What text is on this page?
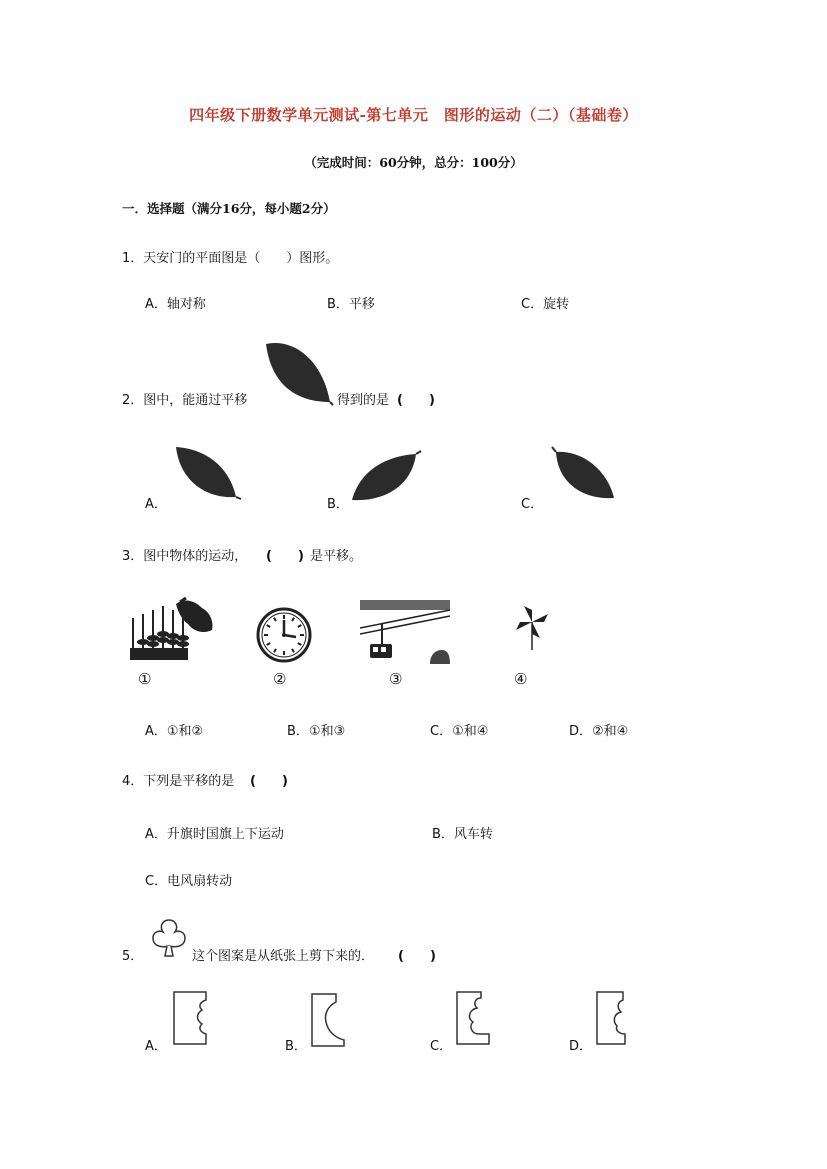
四年级下册数学单元测试-第七单元　图形的运动（二）（基础卷）
（完成时间：60分钟，总分：100分）
一．选择题（满分16分，每小题2分）
1．天安门的平面图是（　　）图形。
A．轴对称	B．平移	C．旋转
2．图中，能通过平移	得到的是 (　　)
A．	B．	C．
3．图中物体的运动， (　　) 是平移。
①	②	③	④
A．①和②	B．①和③	C．①和④	D．②和④
4．下列是平移的是 (　　)
A．升旗时国旗上下运动	B．风车转
C．电风扇转动
5．	这个图案是从纸张上剪下来的． (　　)
A．	B．	C．	D．
